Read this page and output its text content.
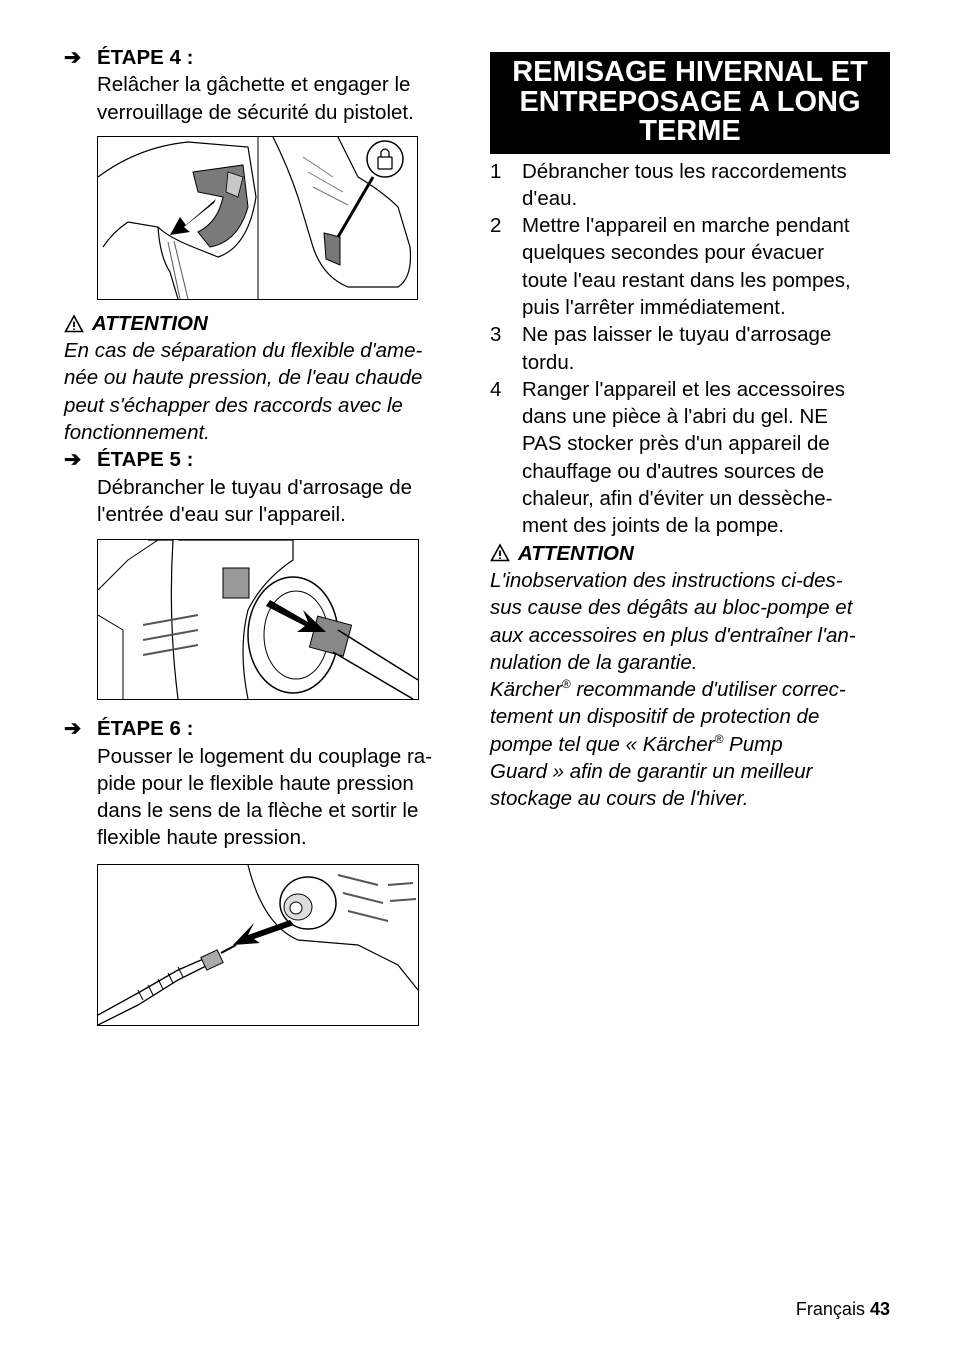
➔ ÉTAPE 4 :
Relâcher la gâchette et engager le
verrouillage de sécurité du pistolet.
ATTENTION
En cas de séparation du flexible d'ame-
née ou haute pression, de l'eau chaude
peut s'échapper des raccords avec le
fonctionnement.
➔ ÉTAPE 5 :
Débrancher le tuyau d'arrosage de
l'entrée d'eau sur l'appareil.
➔ ÉTAPE 6 :
Pousser le logement du couplage ra-
pide pour le flexible haute pression
dans le sens de la flèche et sortir le
flexible haute pression.
REMISAGE HIVERNAL ET
ENTREPOSAGE A LONG
TERME
1 Débrancher tous les raccordements
d'eau.
2 Mettre l'appareil en marche pendant
quelques secondes pour évacuer
toute l'eau restant dans les pompes,
puis l'arrêter immédiatement.
3 Ne pas laisser le tuyau d'arrosage
tordu.
4 Ranger l'appareil et les accessoires
dans une pièce à l'abri du gel. NE
PAS stocker près d'un appareil de
chauffage ou d'autres sources de
chaleur, afin d'éviter un dessèche-
ment des joints de la pompe.
ATTENTION
L'inobservation des instructions ci-des-
sus cause des dégâts au bloc-pompe et
aux accessoires en plus d'entraîner l'an-
nulation de la garantie.
Kärcher® recommande d'utiliser correc-
tement un dispositif de protection de
pompe tel que « Kärcher® Pump
Guard » afin de garantir un meilleur
stockage au cours de l'hiver.
Français 43
